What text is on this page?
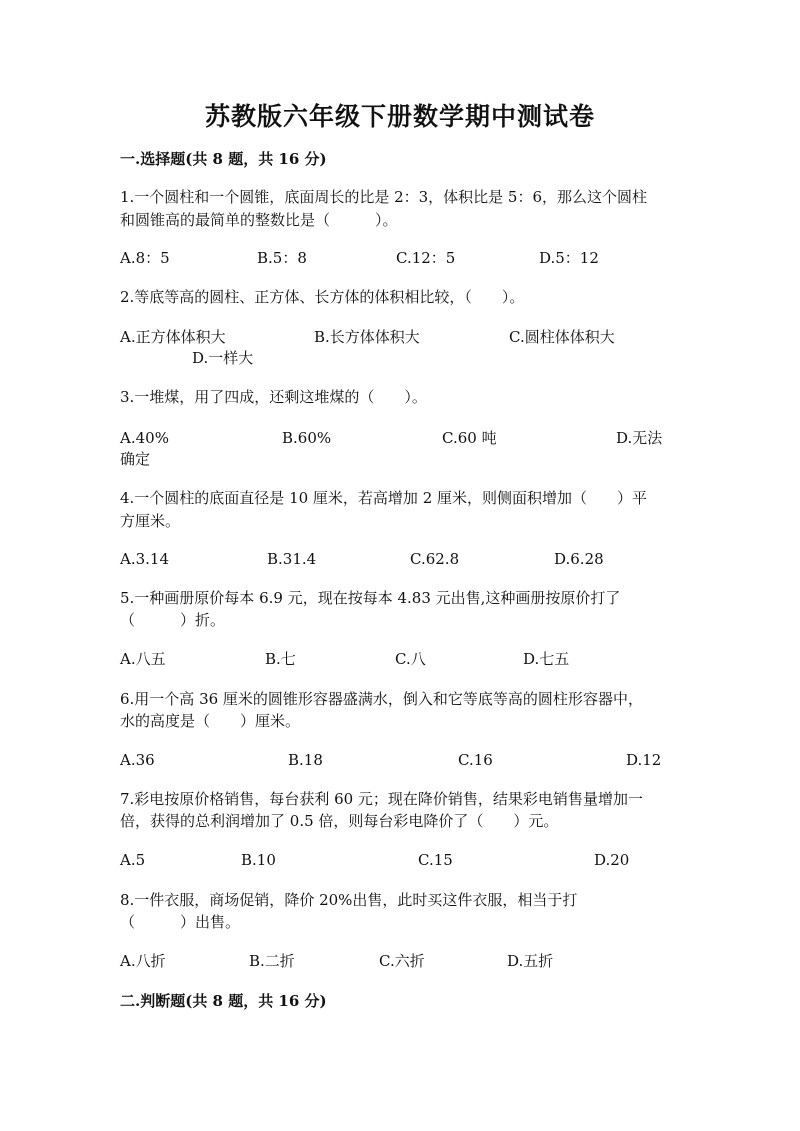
苏教版六年级下册数学期中测试卷
一.选择题(共 8 题，共 16 分)
1.一个圆柱和一个圆锥，底面周长的比是 2：3，体积比是 5：6，那么这个圆柱
和圆锥高的最简单的整数比是（　　　）。
A.8：5	B.5：8	C.12：5	D.5：12
2.等底等高的圆柱、正方体、长方体的体积相比较，（　　）。
A.正方体体积大	B.长方体体积大	C.圆柱体体积大
D.一样大
3.一堆煤，用了四成，还剩这堆煤的（　　）。
A.40%	B.60%	C.60 吨	D.无法
确定
4.一个圆柱的底面直径是 10 厘米，若高增加 2 厘米，则侧面积增加（　　）平
方厘米。
A.3.14	B.31.4	C.62.8	D.6.28
5.一种画册原价每本 6.9 元，现在按每本 4.83 元出售,这种画册按原价打了
（　　　）折。
A.八五	B.七	C.八	D.七五
6.用一个高 36 厘米的圆锥形容器盛满水，倒入和它等底等高的圆柱形容器中，
水的高度是（　　）厘米。
A.36	B.18	C.16	D.12
7.彩电按原价格销售，每台获利 60 元；现在降价销售，结果彩电销售量增加一
倍，获得的总利润增加了 0.5 倍，则每台彩电降价了（　　）元。
A.5	B.10	C.15	D.20
8.一件衣服，商场促销，降价 20%出售，此时买这件衣服，相当于打
（　　　）出售。
A.八折	B.二折	C.六折	D.五折
二.判断题(共 8 题，共 16 分)
